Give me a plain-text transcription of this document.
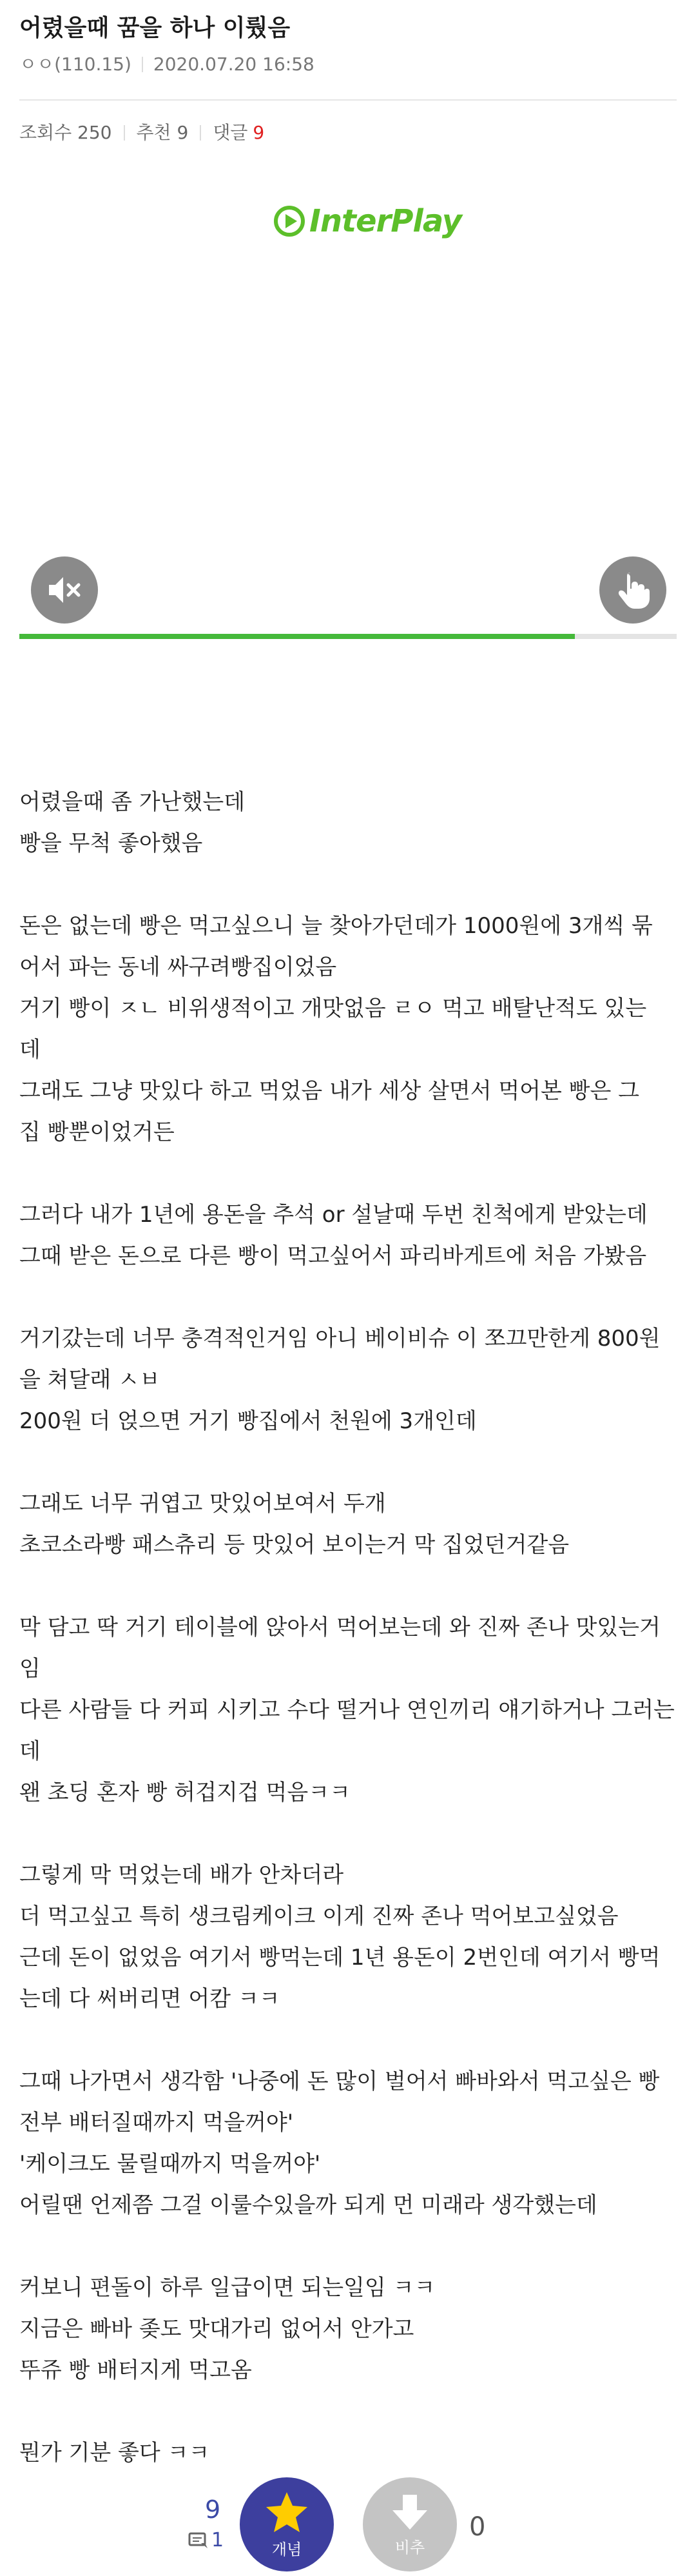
어렸을때 꿈을 하나 이뤘음
ㅇㅇ(110.15) 2020.07.20 16:58
조회수 250 추천 9 댓글 9
InterPlay

어렸을때 좀 가난했는데

빵을 무척 좋아했음

돈은 없는데 빵은 먹고싶으니 늘 찾아가던데가 1000원에 3개씩 묶

어서 파는 동네 싸구려빵집이었음

거기 빵이 ㅈㄴ 비위생적이고 개맛없음 ㄹㅇ 먹고 배탈난적도 있는

데

그래도 그냥 맛있다 하고 먹었음 내가 세상 살면서 먹어본 빵은 그

집 빵뿐이었거든

그러다 내가 1년에 용돈을 추석 or 설날때 두번 친척에게 받았는데

그때 받은 돈으로 다른 빵이 먹고싶어서 파리바게트에 처음 가봤음

거기갔는데 너무 충격적인거임 아니 베이비슈 이 쪼끄만한게 800원

을 쳐달래 ㅅㅂ

200원 더 얹으면 거기 빵집에서 천원에 3개인데

그래도 너무 귀엽고 맛있어보여서 두개

초코소라빵 패스츄리 등 맛있어 보이는거 막 집었던거같음

막 담고 딱 거기 테이블에 앉아서 먹어보는데 와 진짜 존나 맛있는거

임

다른 사람들 다 커피 시키고 수다 떨거나 연인끼리 얘기하거나 그러는

데

왠 초딩 혼자 빵 허겁지겁 먹음ㅋㅋ

그렇게 막 먹었는데 배가 안차더라

더 먹고싶고 특히 생크림케이크 이게 진짜 존나 먹어보고싶었음

근데 돈이 없었음 여기서 빵먹는데 1년 용돈이 2번인데 여기서 빵먹

는데 다 써버리면 어캄 ㅋㅋ

그때 나가면서 생각함 '나중에 돈 많이 벌어서 빠바와서 먹고싶은 빵

전부 배터질때까지 먹을꺼야'

'케이크도 물릴때까지 먹을꺼야'

어릴땐 언제쯤 그걸 이룰수있을까 되게 먼 미래라 생각했는데

커보니 편돌이 하루 일급이면 되는일임 ㅋㅋ

지금은 빠바 좆도 맛대가리 없어서 안가고

뚜쥬 빵 배터지게 먹고옴

뭔가 기분 좋다 ㅋㅋ

9
1	개념	비추
0
